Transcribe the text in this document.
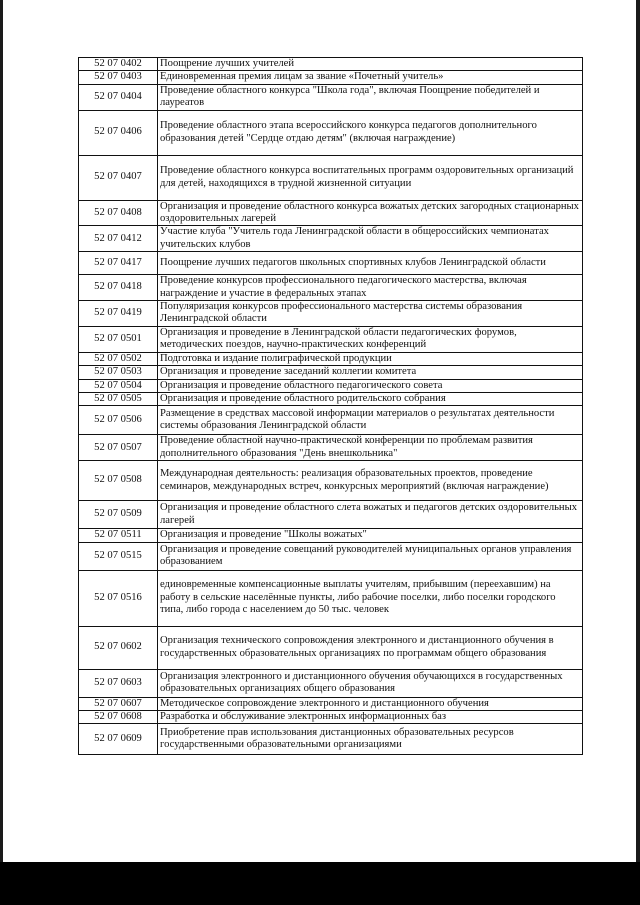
52 07 0402	Поощрение лучших учителей
52 07 0403	Единовременная премия лицам за звание «Почетный учитель»
52 07 0404	Проведение областного конкурса "Школа года", включая Поощрение победителей и лауреатов
52 07 0406	Проведение областного этапа всероссийского конкурса педагогов дополнительного образования детей "Сердце отдаю детям" (включая награждение)
52 07 0407	Проведение областного конкурса воспитательных программ оздоровительных организаций для детей, находящихся в трудной жизненной ситуации
52 07 0408	Организация и проведение областного конкурса вожатых детских загородных стационарных оздоровительных лагерей
52 07 0412	Участие клуба "Учитель года Ленинградской области в общероссийских чемпионатах учительских клубов
52 07 0417	Поощрение лучших педагогов школьных спортивных клубов Ленинградской области
52 07 0418	Проведение конкурсов профессионального педагогического мастерства, включая награждение и участие в федеральных этапах
52 07 0419	Популяризация конкурсов профессионального мастерства системы образования Ленинградской области
52 07 0501	Организация и проведение в Ленинградской области педагогических форумов, методических поездов, научно-практических конференций
52 07 0502	Подготовка и издание полиграфической продукции
52 07 0503	Организация и проведение заседаний коллегии комитета
52 07 0504	Организация и проведение областного педагогического совета
52 07 0505	Организация и проведение областного родительского собрания
52 07 0506	Размещение в средствах массовой информации материалов о результатах деятельности системы образования Ленинградской области
52 07 0507	Проведение областной научно-практической конференции по проблемам развития дополнительного образования "День внешкольника"
52 07 0508	Международная деятельность: реализация образовательных проектов, проведение семинаров, международных встреч, конкурсных мероприятий (включая награждение)
52 07 0509	Организация и проведение областного слета вожатых и педагогов детских оздоровительных лагерей
52 07 0511	Организация и проведение "Школы вожатых"
52 07 0515	Организация и проведение совещаний руководителей муниципальных органов управления образованием
52 07 0516	единовременные компенсационные выплаты учителям, прибывшим (переехавшим) на работу в сельские населённые пункты, либо рабочие поселки, либо поселки городского типа, либо города с населением до 50 тыс. человек
52 07 0602	Организация технического сопровождения электронного и дистанционного обучения в государственных образовательных организациях по программам общего образования
52 07 0603	Организация электронного и дистанционного обучения обучающихся в государственных образовательных организациях общего образования
52 07 0607	Методическое сопровождение электронного и дистанционного обучения
52 07 0608	Разработка и обслуживание электронных информационных баз
52 07 0609	Приобретение прав использования дистанционных образовательных ресурсов государственными образовательными организациями
